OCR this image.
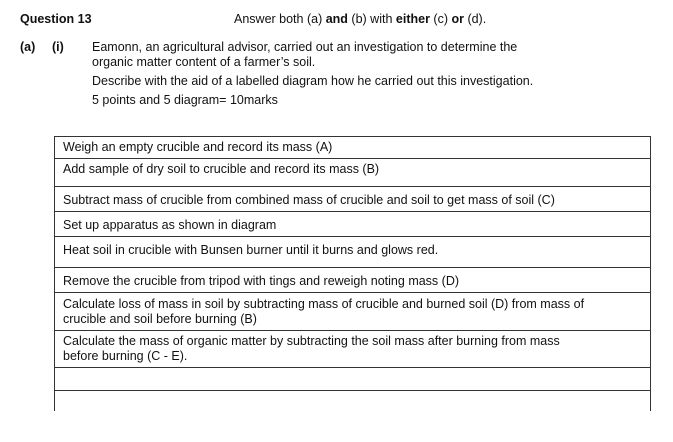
Question 13	Answer both (a) and (b) with either (c) or (d).
(a) (i) Eamonn, an agricultural advisor, carried out an investigation to determine the
organic matter content of a farmer’s soil.
Describe with the aid of a labelled diagram how he carried out this investigation.
5 points and 5 diagram= 10marks
Weigh an empty crucible and record its mass (A)
Add sample of dry soil to crucible and record its mass (B)
Subtract mass of crucible from combined mass of crucible and soil to get mass of soil (C)
Set up apparatus as shown in diagram
Heat soil in crucible with Bunsen burner until it burns and glows red.
Remove the crucible from tripod with tings and reweigh noting mass (D)

Calculate loss of mass in soil by subtracting mass of crucible and burned soil (D) from mass of
crucible and soil before burning (B)

Calculate the mass of organic matter by subtracting the soil mass after burning from mass
before burning (C - E).
